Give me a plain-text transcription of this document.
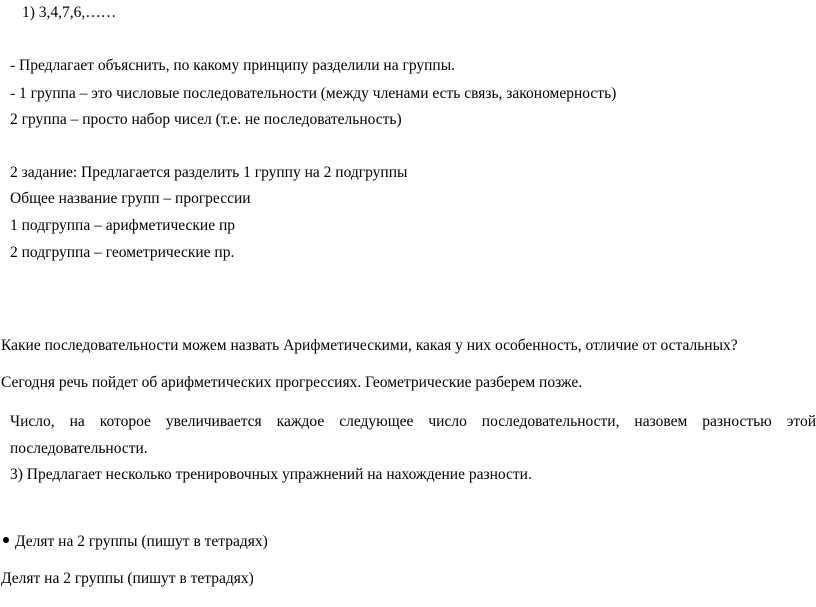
1) 3,4,7,6,……
- Предлагает объяснить, по какому принципу разделили на группы.
- 1 группа – это числовые последовательности (между членами есть связь, закономерность)
2 группа – просто набор чисел (т.е. не последовательность)
2 задание: Предлагается разделить 1 группу на 2 подгруппы
Общее название групп – прогрессии
1 подгруппа – арифметические пр
2 подгруппа – геометрические пр.
Какие последовательности можем назвать Арифметическими, какая у них особенность, отличие от остальных?
Сегодня речь пойдет об арифметических прогрессиях. Геометрические разберем позже.
Число, на которое увеличивается каждое следующее число последовательности, назовем разностью этой
последовательности.
3) Предлагает несколько тренировочных упражнений на нахождение разности.
Делят на 2 группы (пишут в тетрадях)
Делят на 2 группы (пишут в тетрадях)
